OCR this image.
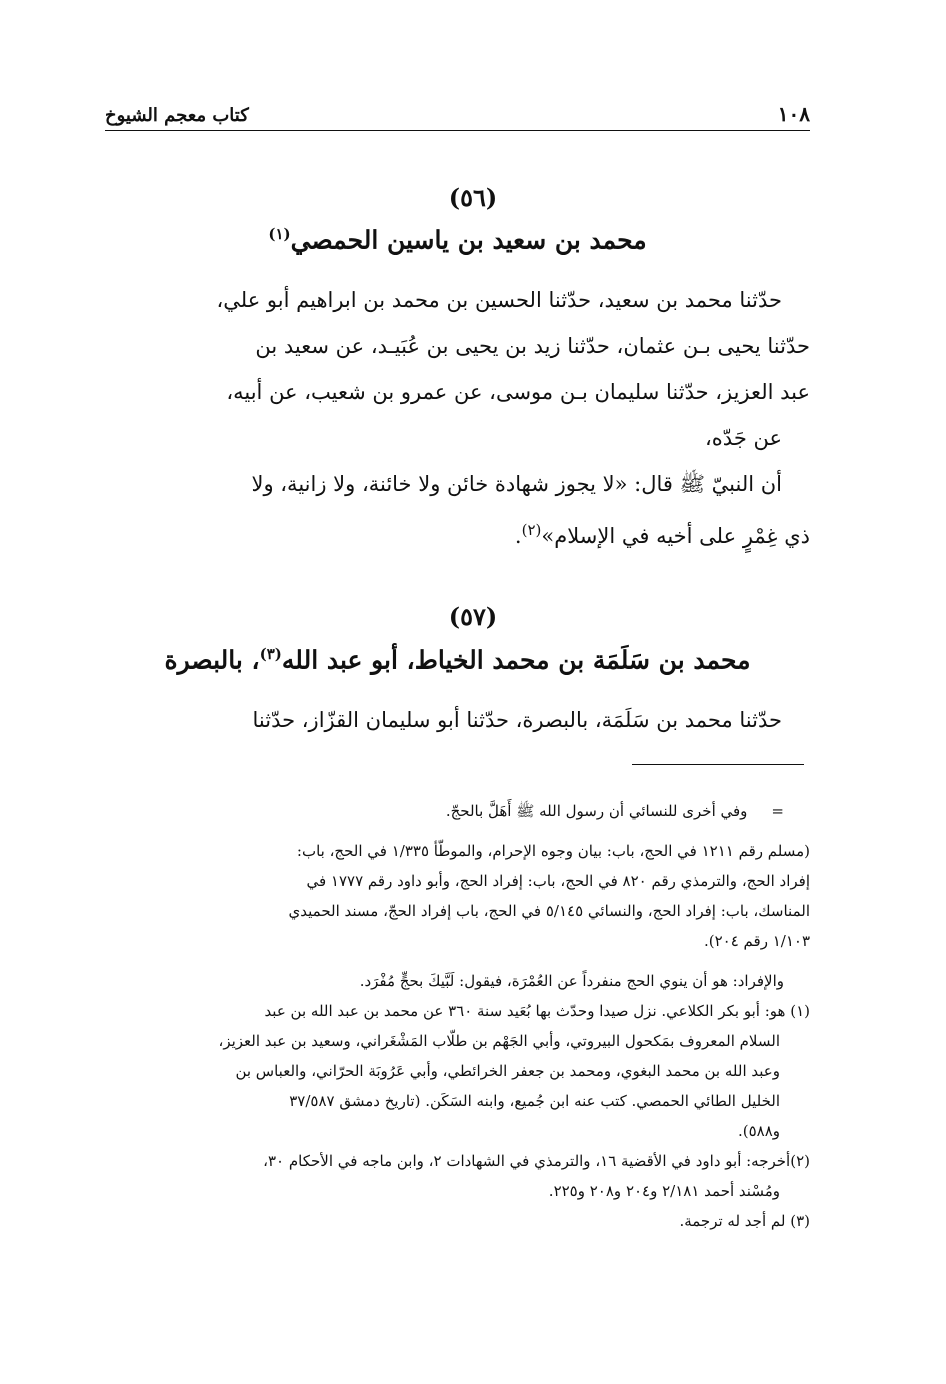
١٠٨
كتاب معجم الشيوخ
(٥٦)
محمد بن سعيد بن ياسين الحمصي$^{(١)}$

حدّثنا محمد بن سعيد، حدّثنا الحسين بن محمد بن ابراهيم أبو علي،
حدّثنا يحيى بـن عثمان، حدّثنا زيد بن يحيى بن عُبَيـد، عن سعيد بن
عبد العزيز، حدّثنا سليمان بـن موسى، عن عمرو بن شعيب، عن أبيه،
عن جَدّه،

أن النبيّ ﷺ قال: «لا يجوز شهادة خائن ولا خائنة، ولا زانية، ولا
ذي غِمْرٍ على أخيه في الإسلام»$^{(٢)}$.

(٥٧)
محمد بن سَلَمَة بن محمد الخياط، أبو عبد الله$^{(٣)}$، بالبصرة
حدّثنا محمد بن سَلَمَة، بالبصرة، حدّثنا أبو سليمان القزّاز، حدّثنا
=وفي أخرى للنسائي أن رسول الله ﷺ أَهَلَّ بالحجّ.
(مسلم رقم ١٢١١ في الحج، باب: بيان وجوه الإحرام، والموطّأ ١/٣٣٥ في الحج، باب:
إفراد الحج، والترمذي رقم ٨٢٠ في الحج، باب: إفراد الحج، وأبو داود رقم ١٧٧٧ في
المناسك، باب: إفراد الحج، والنسائي ٥/١٤٥ في الحج، باب إفراد الحجّ، مسند الحميدي
١/١٠٣ رقم ٢٠٤).
والإفراد: هو أن ينوي الحج منفرداً عن العُمْرَة، فيقول: لَبَّيكَ بحجٍّ مُفْرَد.
(١) هو: أبو بكر الكلاعي. نزل صيدا وحدّث بها بُعَيد سنة ٣٦٠ عن محمد بن عبد الله بن عبد
السلام المعروف بمَكحول البيروتي، وأبي الجَهْم بن طلّاب المَشْغَراني، وسعيد بن عبد العزيز،
وعبد الله بن محمد البغوي، ومحمد بن جعفر الخرائطي، وأبي عَرُوبَة الحرّاني، والعباس بن
الخليل الطائي الحمصي. كتب عنه ابن جُميع، وابنه السَكَن. (تاريخ دمشق ٣٧/٥٨٧
و٥٨٨).
(٢)أخرجه: أبو داود في الأقضية ١٦، والترمذي في الشهادات ٢، وابن ماجه في الأحكام ٣٠،
ومُسْند أحمد ٢/١٨١ و٢٠٤ و٢٠٨ و٢٢٥.
(٣) لم أجد له ترجمة.
